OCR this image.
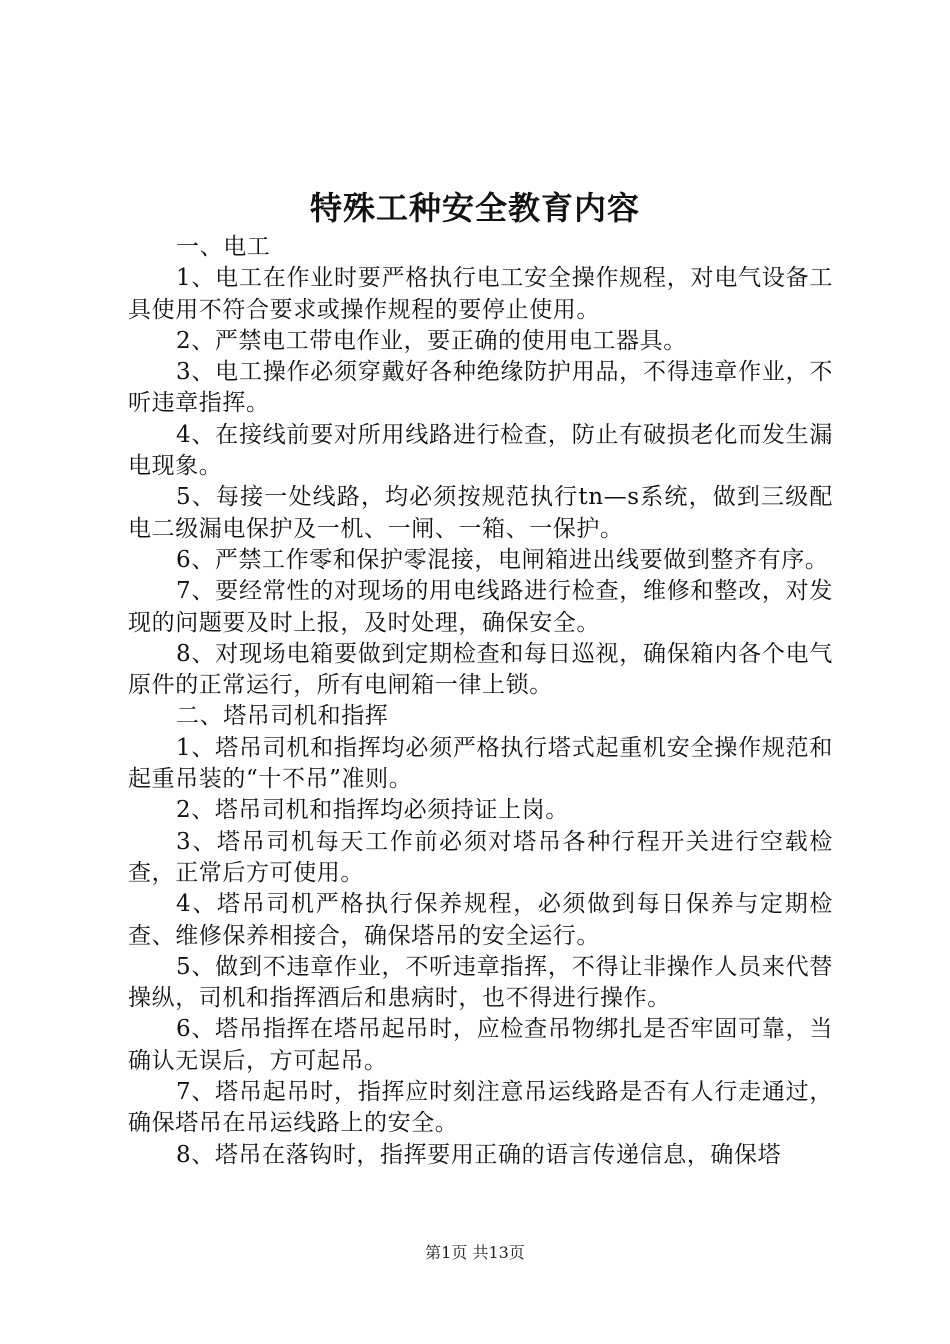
特殊工种安全教育内容

一、电工

1、电工在作业时要严格执行电工安全操作规程，对电气设备工具使用不符合要求或操作规程的要停止使用。

2、严禁电工带电作业，要正确的使用电工器具。

3、电工操作必须穿戴好各种绝缘防护用品，不得违章作业，不听违章指挥。

4、在接线前要对所用线路进行检查，防止有破损老化而发生漏电现象。

5、每接一处线路，均必须按规范执行tn—s系统，做到三级配电二级漏电保护及一机、一闸、一箱、一保护。

6、严禁工作零和保护零混接，电闸箱进出线要做到整齐有序。

7、要经常性的对现场的用电线路进行检查，维修和整改，对发现的问题要及时上报，及时处理，确保安全。

8、对现场电箱要做到定期检查和每日巡视，确保箱内各个电气原件的正常运行，所有电闸箱一律上锁。

二、塔吊司机和指挥

1、塔吊司机和指挥均必须严格执行塔式起重机安全操作规范和起重吊装的“十不吊”准则。

2、塔吊司机和指挥均必须持证上岗。

3、塔吊司机每天工作前必须对塔吊各种行程开关进行空载检查，正常后方可使用。

4、塔吊司机严格执行保养规程，必须做到每日保养与定期检查、维修保养相接合，确保塔吊的安全运行。

5、做到不违章作业，不听违章指挥，不得让非操作人员来代替操纵，司机和指挥酒后和患病时，也不得进行操作。

6、塔吊指挥在塔吊起吊时，应检查吊物绑扎是否牢固可靠，当确认无误后，方可起吊。

7、塔吊起吊时，指挥应时刻注意吊运线路是否有人行走通过，确保塔吊在吊运线路上的安全。

8、塔吊在落钩时，指挥要用正确的语言传递信息，确保塔

第1页 共13页
